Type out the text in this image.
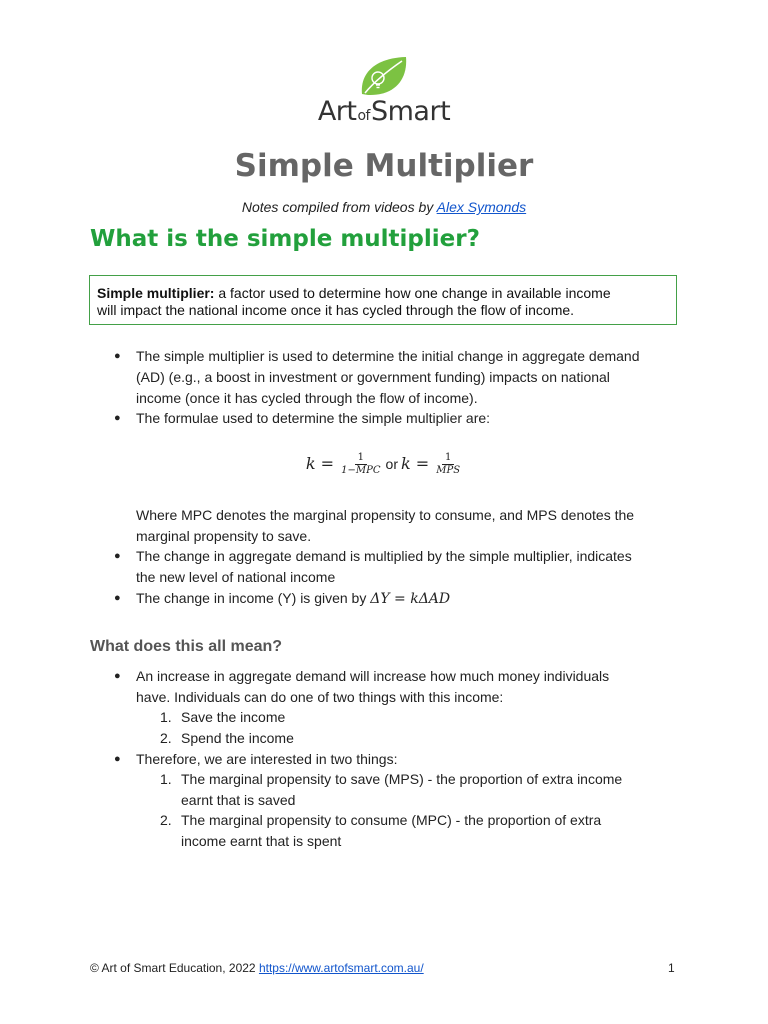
ArtofSmart
Simple Multiplier
Notes compiled from videos by Alex Symonds
What is the simple multiplier?
Simple multiplier: a factor used to determine how one change in available income
will impact the national income once it has cycled through the flow of income.
● The simple multiplier is used to determine the initial change in aggregate demand
(AD) (e.g., a boost in investment or government funding) impacts on national
income (once it has cycled through the flow of income).
● The formulae used to determine the simple multiplier are:
$k = \frac{1}{\text{1−MPC}}$ or $k = \frac{1}{\text{MPS}}$
Where MPC denotes the marginal propensity to consume, and MPS denotes the
marginal propensity to save.
● The change in aggregate demand is multiplied by the simple multiplier, indicates
the new level of national income
● The change in income (Y) is given by ΔY = kΔAD
What does this all mean?
● An increase in aggregate demand will increase how much money individuals
have. Individuals can do one of two things with this income:
1. Save the income
2. Spend the income
● Therefore, we are interested in two things:
1. The marginal propensity to save (MPS) - the proportion of extra income
earnt that is saved
2. The marginal propensity to consume (MPC) - the proportion of extra
income earnt that is spent
© Art of Smart Education, 2022 https://www.artofsmart.com.au/	1
